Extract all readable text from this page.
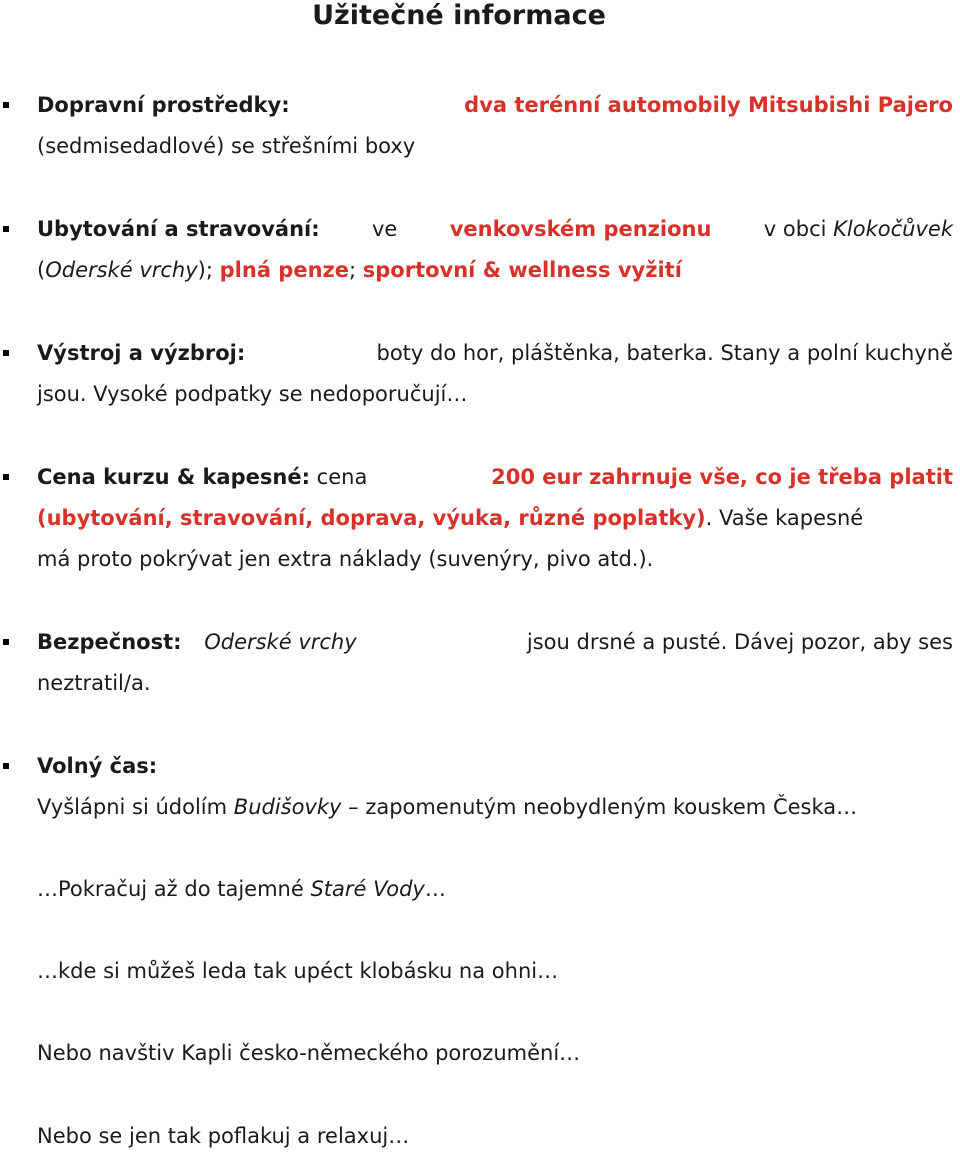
Užitečné informace
Dopravní prostředky:	dva terénní automobily Mitsubishi Pajero
(sedmisedadlové) se střešními boxy
Ubytování a stravování: ve venkovském penzionu v obci Klokočůvek
(Oderské vrchy); plná penze; sportovní & wellness vyžití
Výstroj a výzbroj:	boty do hor, pláštěnka, baterka. Stany a polní kuchyně
jsou. Vysoké podpatky se nedoporučují…
Cena kurzu & kapesné: cena	200 eur zahrnuje vše, co je třeba platit
(ubytování, stravování, doprava, výuka, různé poplatky). Vaše kapesné
má proto pokrývat jen extra náklady (suvenýry, pivo atd.).
Bezpečnost: Oderské vrchy	jsou drsné a pusté. Dávej pozor, aby ses
neztratil/a.
Volný čas:
Vyšlápni si údolím Budišovky – zapomenutým neobydleným kouskem Česka…
…Pokračuj až do tajemné Staré Vody…
…kde si můžeš leda tak upéct klobásku na ohni…
Nebo navštiv Kapli česko-německého porozumění…
Nebo se jen tak poflakuj a relaxuj…
